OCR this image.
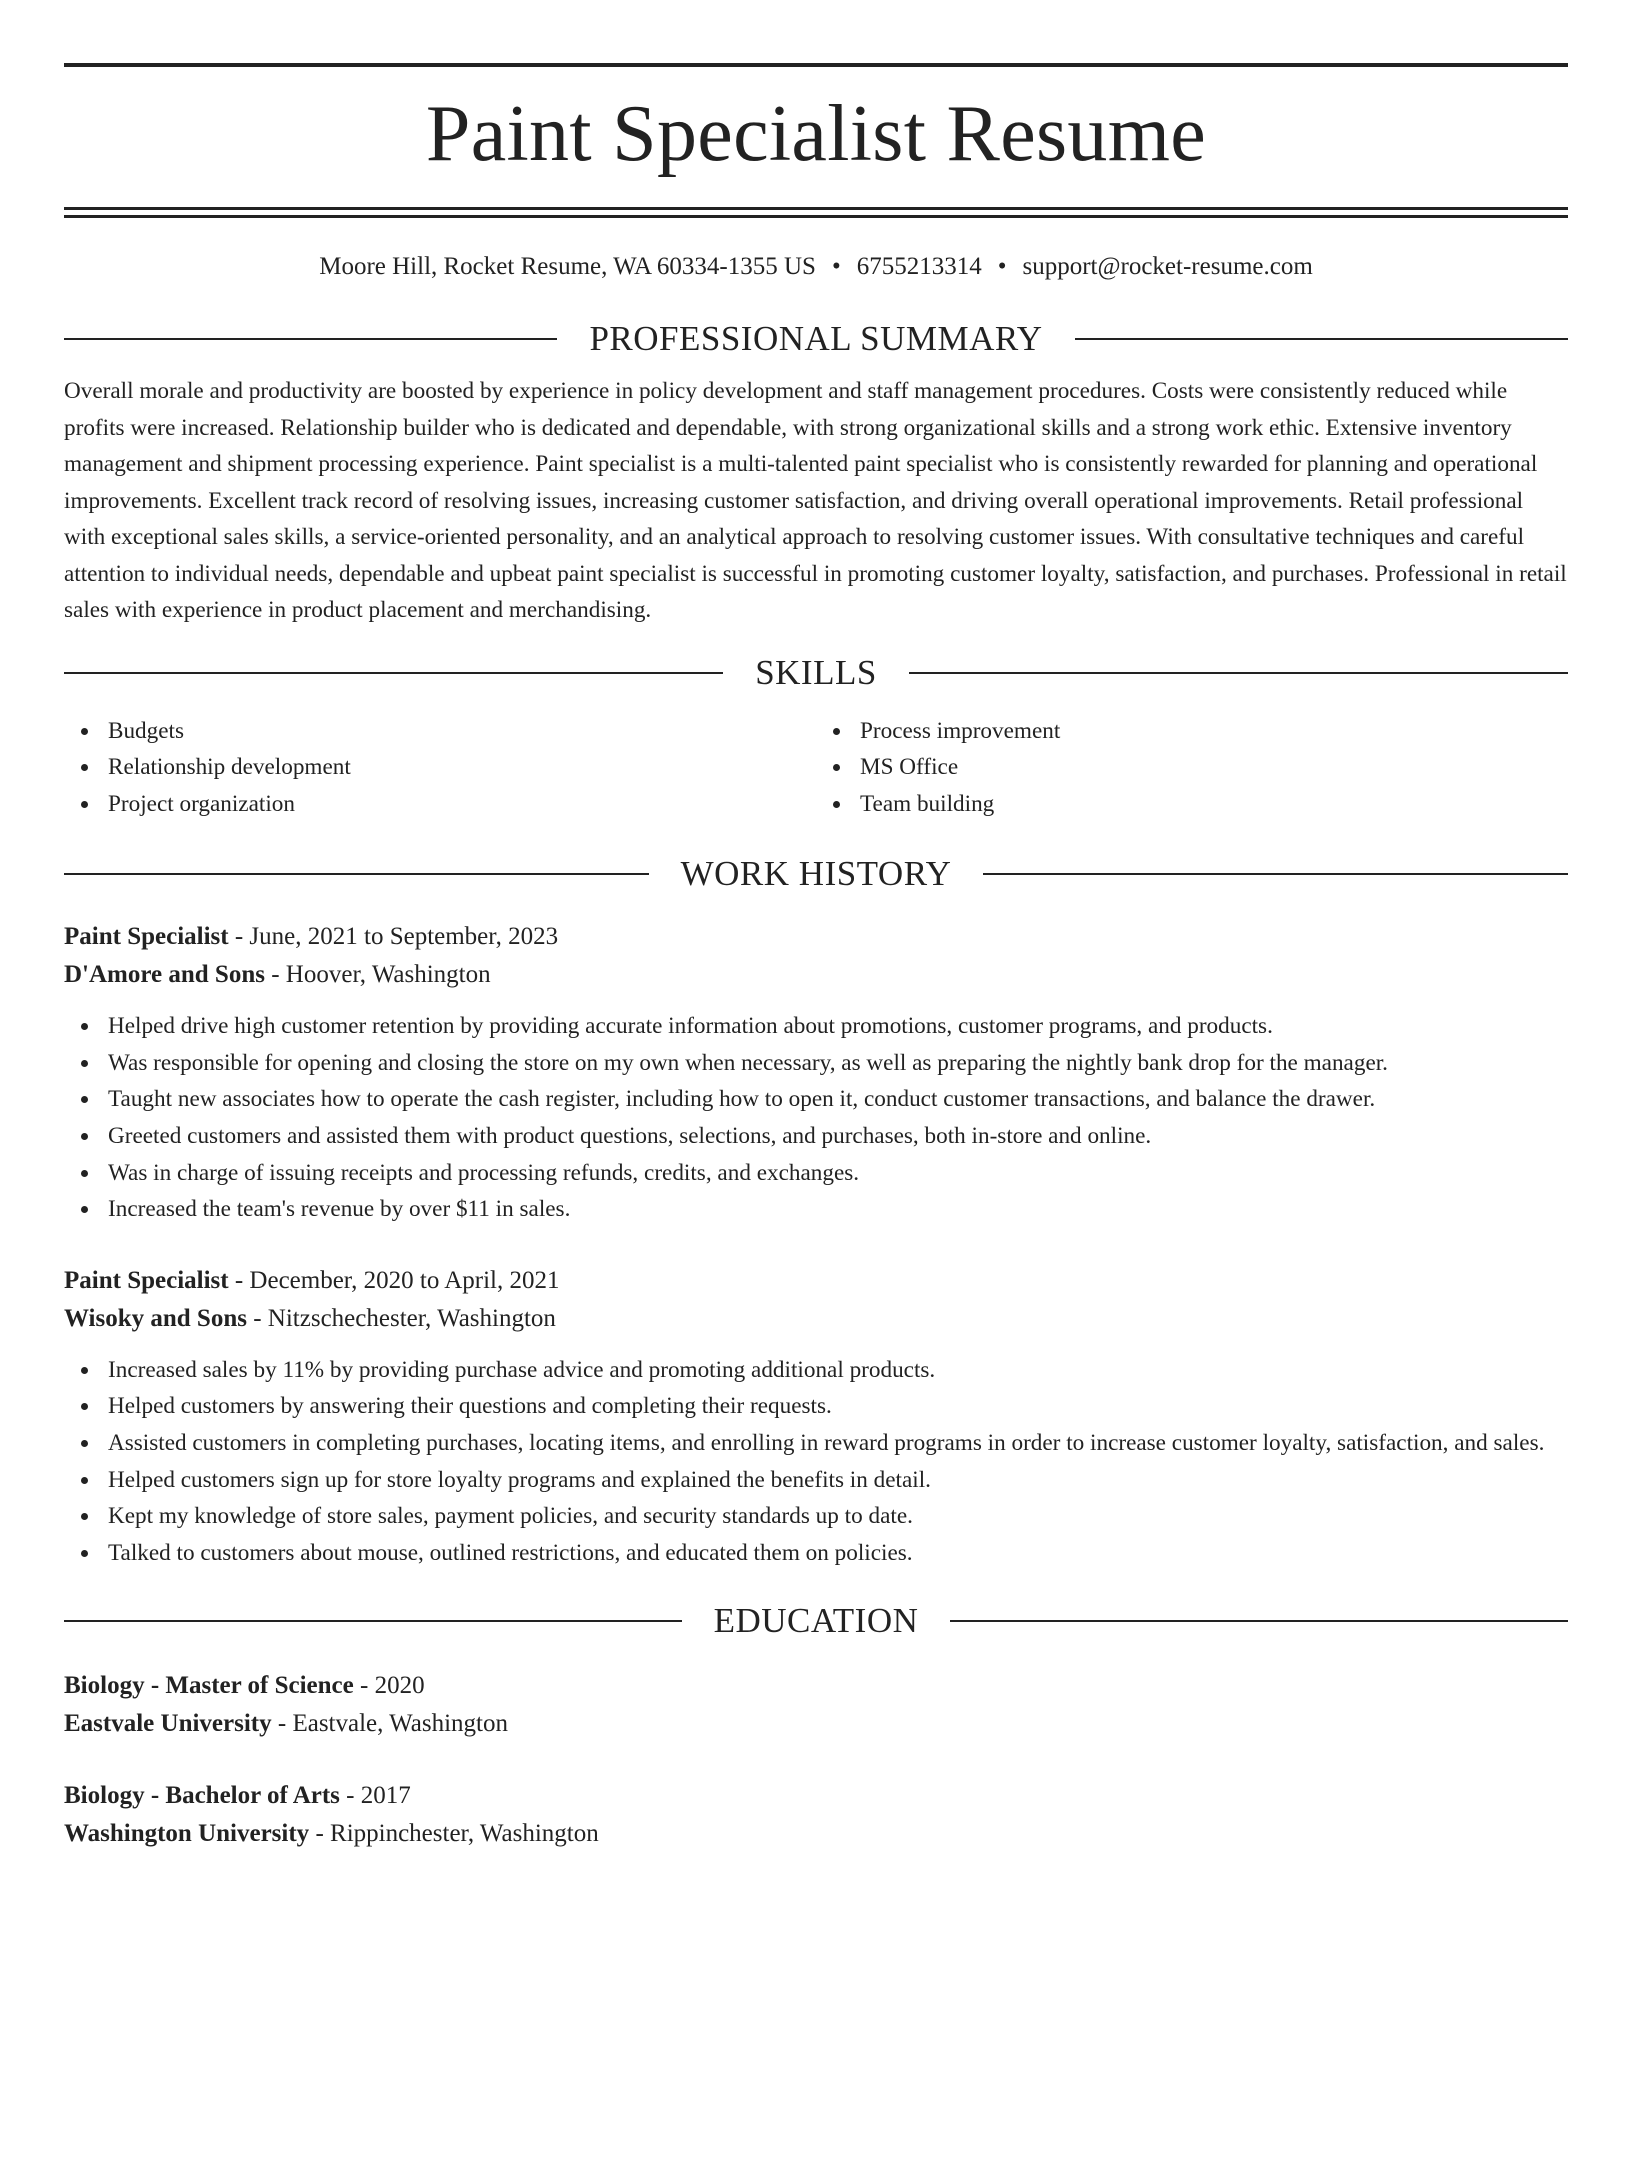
Paint Specialist Resume
Moore Hill, Rocket Resume, WA 60334-1355 US • 6755213314 • support@rocket-resume.com
PROFESSIONAL SUMMARY

Overall morale and productivity are boosted by experience in policy development and staff management procedures. Costs were consistently reduced while profits were increased. Relationship builder who is dedicated and dependable, with strong organizational skills and a strong work ethic. Extensive inventory management and shipment processing experience. Paint specialist is a multi-talented paint specialist who is consistently rewarded for planning and operational improvements. Excellent track record of resolving issues, increasing customer satisfaction, and driving overall operational improvements. Retail professional with exceptional sales skills, a service-oriented personality, and an analytical approach to resolving customer issues. With consultative techniques and careful attention to individual needs, dependable and upbeat paint specialist is successful in promoting customer loyalty, satisfaction, and purchases. Professional in retail sales with experience in product placement and merchandising.

SKILLS
Budgets
Relationship development
Project organization
Process improvement
MS Office
Team building
WORK HISTORY
Paint Specialist - June, 2021 to September, 2023
D'Amore and Sons - Hoover, Washington
Helped drive high customer retention by providing accurate information about promotions, customer programs, and products.
Was responsible for opening and closing the store on my own when necessary, as well as preparing the nightly bank drop for the manager.
Taught new associates how to operate the cash register, including how to open it, conduct customer transactions, and balance the drawer.
Greeted customers and assisted them with product questions, selections, and purchases, both in-store and online.
Was in charge of issuing receipts and processing refunds, credits, and exchanges.
Increased the team's revenue by over $11 in sales.
Paint Specialist - December, 2020 to April, 2021
Wisoky and Sons - Nitzschechester, Washington
Increased sales by 11% by providing purchase advice and promoting additional products.
Helped customers by answering their questions and completing their requests.
Assisted customers in completing purchases, locating items, and enrolling in reward programs in order to increase customer loyalty, satisfaction, and sales.
Helped customers sign up for store loyalty programs and explained the benefits in detail.
Kept my knowledge of store sales, payment policies, and security standards up to date.
Talked to customers about mouse, outlined restrictions, and educated them on policies.
EDUCATION
Biology - Master of Science - 2020
Eastvale University - Eastvale, Washington
Biology - Bachelor of Arts - 2017
Washington University - Rippinchester, Washington
